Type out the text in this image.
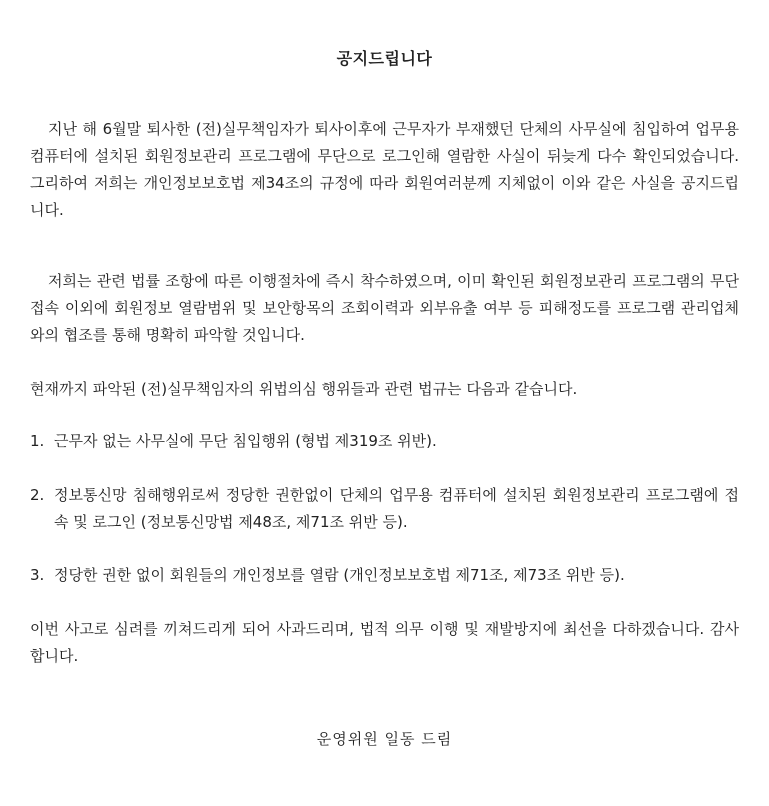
공지드립니다

지난 해 6월말 퇴사한 (전)실무책임자가 퇴사이후에 근무자가 부재했던 단체의 사무실에 침입하여 업무용 컴퓨터에 설치된 회원정보관리 프로그램에 무단으로 로그인해 열람한 사실이 뒤늦게 다수 확인되었습니다. 그리하여 저희는 개인정보보호법 제34조의 규정에 따라 회원여러분께 지체없이 이와 같은 사실을 공지드립니다.

저희는 관련 법률 조항에 따른 이행절차에 즉시 착수하였으며, 이미 확인된 회원정보관리 프로그램의 무단접속 이외에 회원정보 열람범위 및 보안항목의 조회이력과 외부유출 여부 등 피해정도를 프로그램 관리업체와의 협조를 통해 명확히 파악할 것입니다.

현재까지 파악된 (전)실무책임자의 위법의심 행위들과 관련 법규는 다음과 같습니다.

1. 근무자 없는 사무실에 무단 침입행위 (형법 제319조 위반).
2. 정보통신망 침해행위로써 정당한 권한없이 단체의 업무용 컴퓨터에 설치된 회원정보관리 프로그램에 접속 및 로그인 (정보통신망법 제48조, 제71조 위반 등).
3. 정당한 권한 없이 회원들의 개인정보를 열람 (개인정보보호법 제71조, 제73조 위반 등).

이번 사고로 심려를 끼쳐드리게 되어 사과드리며, 법적 의무 이행 및 재발방지에 최선을 다하겠습니다. 감사합니다.

운영위원 일동 드림
